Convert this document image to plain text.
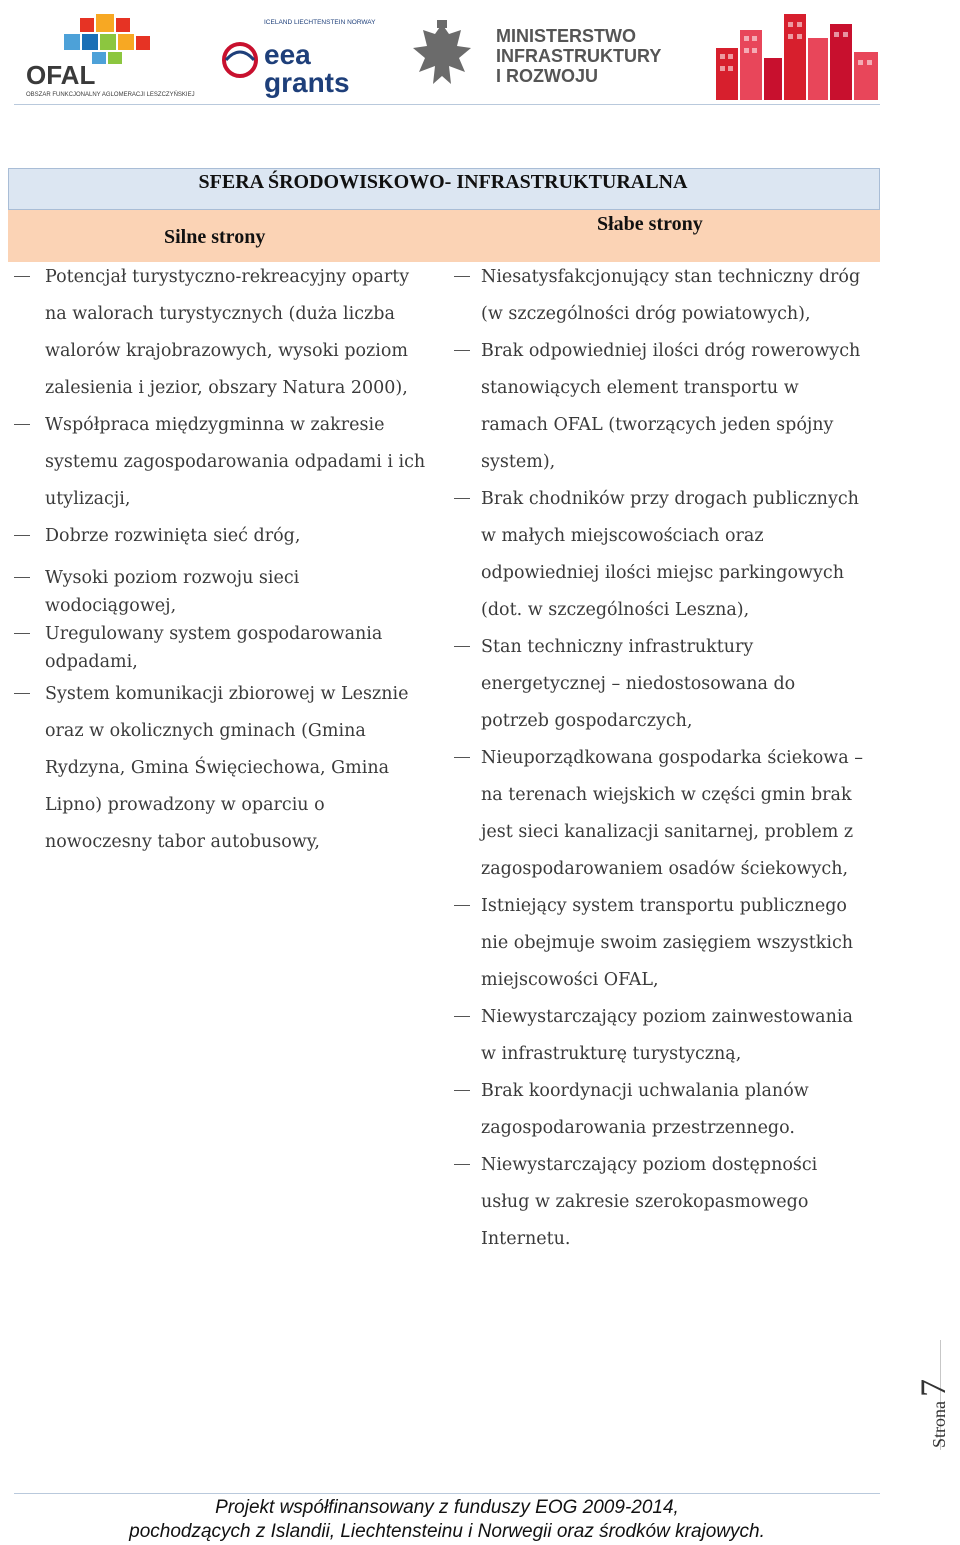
OFAL
OBSZAR FUNKCJONALNY AGLOMERACJI LESZCZYŃSKIEJ
ICELAND LIECHTENSTEIN NORWAY
eea
grants
MINISTERSTWO
INFRASTRUKTURY
I ROZWOJU
SFERA ŚRODOWISKOWO- INFRASTRUKTURALNA
Silne strony
Słabe strony
Potencjał turystyczno-rekreacyjny oparty
na walorach turystycznych (duża liczba
walorów krajobrazowych, wysoki poziom
zalesienia i jezior, obszary Natura 2000),
Współpraca międzygminna w zakresie
systemu zagospodarowania odpadami i ich
utylizacji,
Dobrze rozwinięta sieć dróg,
Wysoki poziom rozwoju sieci
wodociągowej,
Uregulowany system gospodarowania
odpadami,
System komunikacji zbiorowej w Lesznie
oraz w okolicznych gminach (Gmina
Rydzyna, Gmina Święciechowa, Gmina
Lipno) prowadzony w oparciu o
nowoczesny tabor autobusowy,
Niesatysfakcjonujący stan techniczny dróg
(w szczególności dróg powiatowych),
Brak odpowiedniej ilości dróg rowerowych
stanowiących element transportu w
ramach OFAL (tworzących jeden spójny
system),
Brak chodników przy drogach publicznych
w małych miejscowościach oraz
odpowiedniej ilości miejsc parkingowych
(dot. w szczególności Leszna),
Stan techniczny infrastruktury
energetycznej – niedostosowana do
potrzeb gospodarczych,
Nieuporządkowana gospodarka ściekowa –
na terenach wiejskich w części gmin brak
jest sieci kanalizacji sanitarnej, problem z
zagospodarowaniem osadów ściekowych,
Istniejący system transportu publicznego
nie obejmuje swoim zasięgiem wszystkich
miejscowości OFAL,
Niewystarczający poziom zainwestowania
w infrastrukturę turystyczną,
Brak koordynacji uchwalania planów
zagospodarowania przestrzennego.
Niewystarczający poziom dostępności
usług w zakresie szerokopasmowego
Internetu.
Strona 7
Projekt współfinansowany z funduszy EOG 2009-2014,
pochodzących z Islandii, Liechtensteinu i Norwegii oraz środków krajowych.
